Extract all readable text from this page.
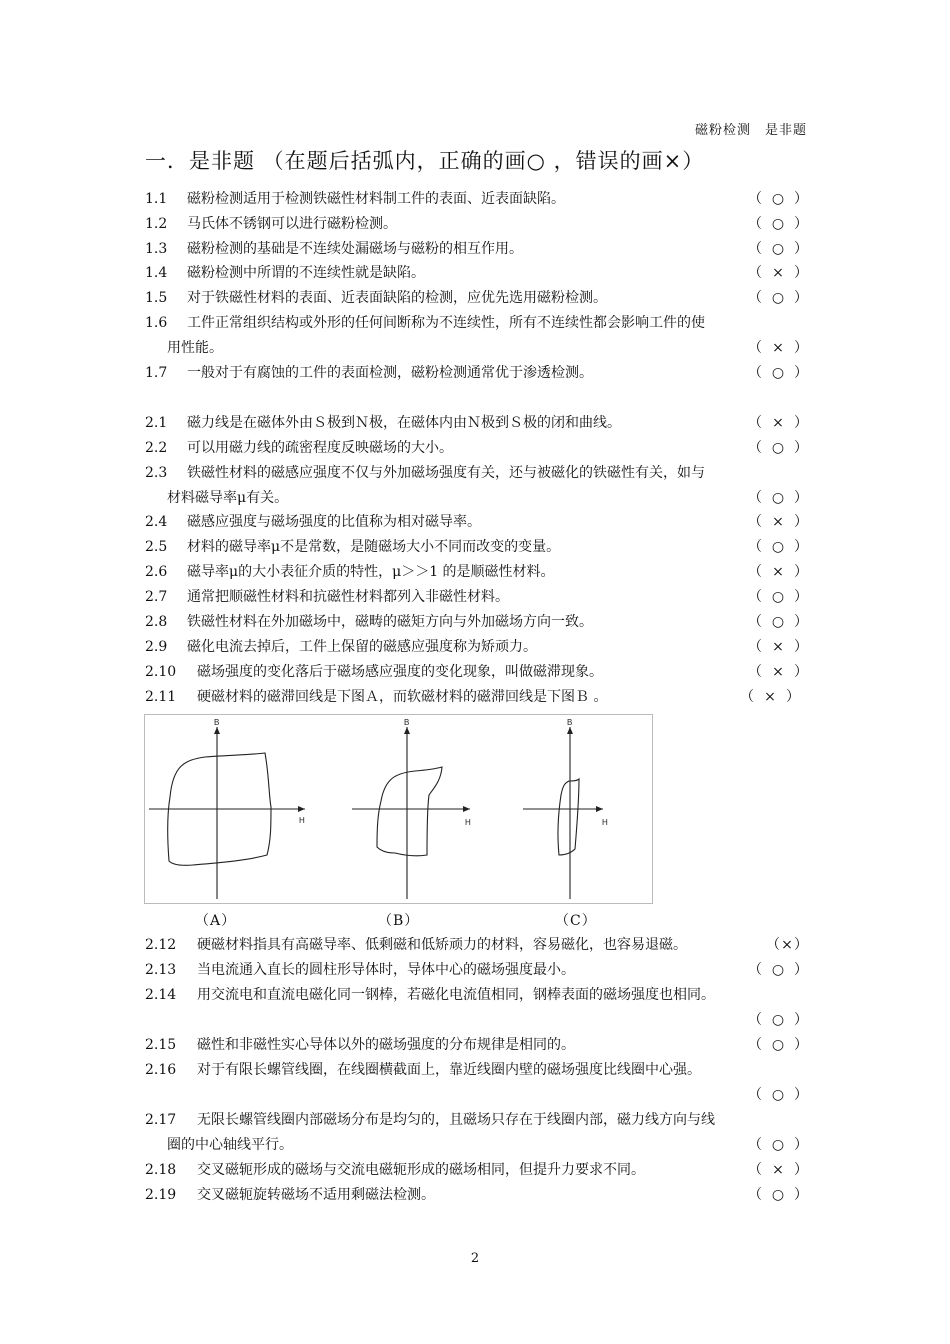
磁粉检测　是非题
一．是非题 （在题后括弧内，正确的画○ ，错误的画×）
1.1 磁粉检测适用于检测铁磁性材料制工件的表面、近表面缺陷。	（ ○ ）
1.2 马氏体不锈钢可以进行磁粉检测。	（ ○ ）
1.3 磁粉检测的基础是不连续处漏磁场与磁粉的相互作用。	（ ○ ）
1.4 磁粉检测中所谓的不连续性就是缺陷。	（ × ）
1.5 对于铁磁性材料的表面、近表面缺陷的检测，应优先选用磁粉检测。	（ ○ ）
1.6 工件正常组织结构或外形的任何间断称为不连续性，所有不连续性都会影响工件的使
用性能。	（ × ）
1.7 一般对于有腐蚀的工件的表面检测，磁粉检测通常优于渗透检测。	（ ○ ）
2.1 磁力线是在磁体外由Ｓ极到Ｎ极，在磁体内由Ｎ极到Ｓ极的闭和曲线。	（ × ）
2.2 可以用磁力线的疏密程度反映磁场的大小。	（ ○ ）
2.3 铁磁性材料的磁感应强度不仅与外加磁场强度有关，还与被磁化的铁磁性有关，如与
材料磁导率μ有关。	（ ○ ）
2.4 磁感应强度与磁场强度的比值称为相对磁导率。	（ × ）
2.5 材料的磁导率μ不是常数，是随磁场大小不同而改变的变量。	（ ○ ）
2.6 磁导率μ的大小表征介质的特性，μ＞＞1 的是顺磁性材料。	（ × ）
2.7 通常把顺磁性材料和抗磁性材料都列入非磁性材料。	（ ○ ）
2.8 铁磁性材料在外加磁场中，磁畴的磁矩方向与外加磁场方向一致。	（ ○ ）
2.9 磁化电流去掉后，工件上保留的磁感应强度称为矫顽力。	（ × ）
2.10 磁场强度的变化落后于磁场感应强度的变化现象，叫做磁滞现象。	（ × ）
2.11 硬磁材料的磁滞回线是下图Ａ，而软磁材料的磁滞回线是下图Ｂ 。	（ × ）
B
H
B
H
B
H
（A）	（B）	（C）
2.12 硬磁材料指具有高磁导率、低剩磁和低矫顽力的材料，容易磁化，也容易退磁。	（ × ）
2.13 当电流通入直长的圆柱形导体时，导体中心的磁场强度最小。	（ ○ ）
2.14 用交流电和直流电磁化同一钢棒，若磁化电流值相同，钢棒表面的磁场强度也相同。
（ ○ ）
2.15 磁性和非磁性实心导体以外的磁场强度的分布规律是相同的。	（ ○ ）
2.16 对于有限长螺管线圈，在线圈横截面上，靠近线圈内壁的磁场强度比线圈中心强。
（ ○ ）
2.17 无限长螺管线圈内部磁场分布是均匀的，且磁场只存在于线圈内部，磁力线方向与线
圈的中心轴线平行。	（ ○ ）
2.18 交叉磁轭形成的磁场与交流电磁轭形成的磁场相同，但提升力要求不同。	（ × ）
2.19 交叉磁轭旋转磁场不适用剩磁法检测。	（ ○ ）
2
